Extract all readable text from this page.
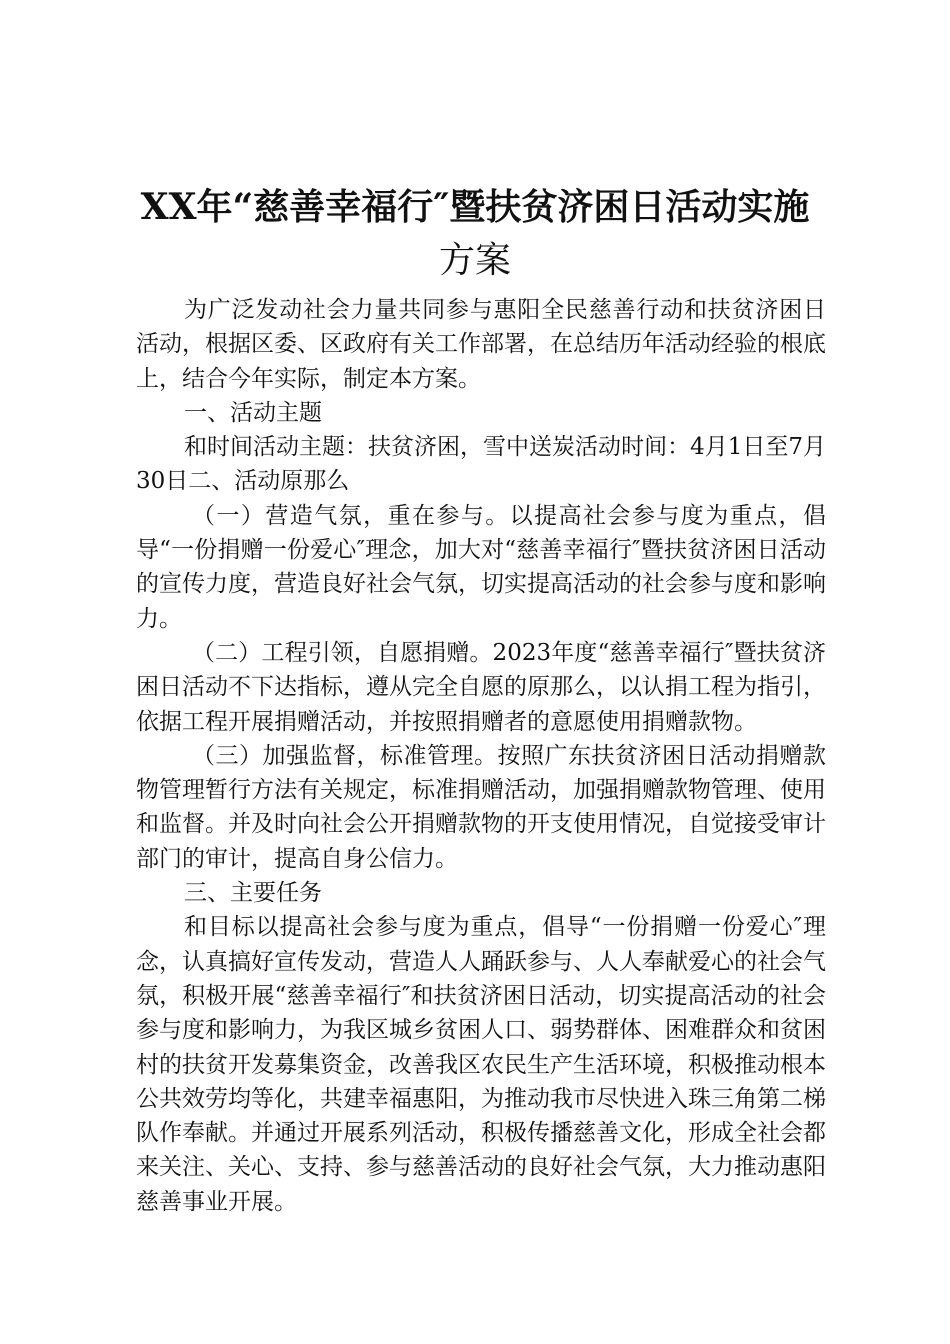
XX年“慈善幸福行″暨扶贫济困日活动实施
方案

为广泛发动社会力量共同参与惠阳全民慈善行动和扶贫济困日活动，根据区委、区政府有关工作部署，在总结历年活动经验的根底上，结合今年实际，制定本方案。

一、活动主题

和时间活动主题：扶贫济困，雪中送炭活动时间：4月1日至7月30日二、活动原那么

（一）营造气氛，重在参与。以提高社会参与度为重点，倡导“一份捐赠一份爱心″理念，加大对“慈善幸福行″暨扶贫济困日活动的宣传力度，营造良好社会气氛，切实提高活动的社会参与度和影响力。

（二）工程引领，自愿捐赠。2023年度“慈善幸福行″暨扶贫济困日活动不下达指标，遵从完全自愿的原那么，以认捐工程为指引，依据工程开展捐赠活动，并按照捐赠者的意愿使用捐赠款物。

（三）加强监督，标准管理。按照广东扶贫济困日活动捐赠款物管理暂行方法有关规定，标准捐赠活动，加强捐赠款物管理、使用和监督。并及时向社会公开捐赠款物的开支使用情况，自觉接受审计部门的审计，提高自身公信力。

三、主要任务

和目标以提高社会参与度为重点，倡导“一份捐赠一份爱心″理念，认真搞好宣传发动，营造人人踊跃参与、人人奉献爱心的社会气氛，积极开展“慈善幸福行″和扶贫济困日活动，切实提高活动的社会参与度和影响力，为我区城乡贫困人口、弱势群体、困难群众和贫困村的扶贫开发募集资金，改善我区农民生产生活环境，积极推动根本公共效劳均等化，共建幸福惠阳，为推动我市尽快进入珠三角第二梯队作奉献。并通过开展系列活动，积极传播慈善文化，形成全社会都来关注、关心、支持、参与慈善活动的良好社会气氛，大力推动惠阳慈善事业开展。
